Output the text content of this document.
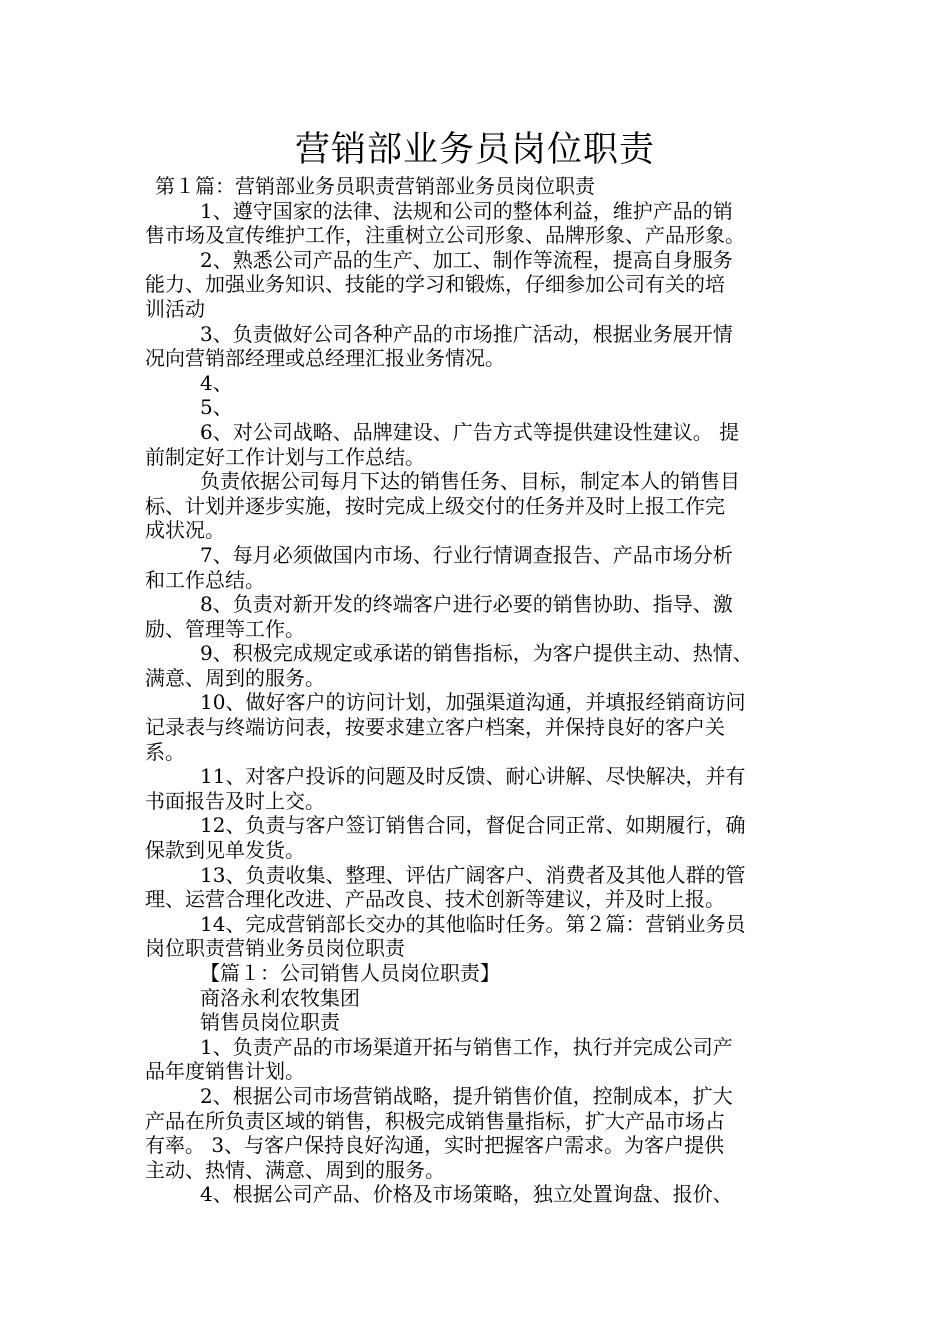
营销部业务员岗位职责
第１篇：营销部业务员职责营销部业务员岗位职责
1、遵守国家的法律、法规和公司的整体利益，维护产品的销
售市场及宣传维护工作，注重树立公司形象、品牌形象、产品形象。
2、熟悉公司产品的生产、加工、制作等流程，提高自身服务
能力、加强业务知识、技能的学习和锻炼，仔细参加公司有关的培
训活动
3、负责做好公司各种产品的市场推广活动，根据业务展开情
况向营销部经理或总经理汇报业务情况。
4、
5、
6、对公司战略、品牌建设、广告方式等提供建设性建议。 提
前制定好工作计划与工作总结。
负责依据公司每月下达的销售任务、目标，制定本人的销售目
标、计划并逐步实施，按时完成上级交付的任务并及时上报工作完
成状况。
7、每月必须做国内市场、行业行情调查报告、产品市场分析
和工作总结。
8、负责对新开发的终端客户进行必要的销售协助、指导、激
励、管理等工作。
9、积极完成规定或承诺的销售指标，为客户提供主动、热情、
满意、周到的服务。
10、做好客户的访问计划，加强渠道沟通，并填报经销商访问
记录表与终端访问表，按要求建立客户档案，并保持良好的客户关
系。
11、对客户投诉的问题及时反馈、耐心讲解、尽快解决，并有
书面报告及时上交。
12、负责与客户签订销售合同，督促合同正常、如期履行，确
保款到见单发货。
13、负责收集、整理、评估广阔客户、消费者及其他人群的管
理、运营合理化改进、产品改良、技术创新等建议，并及时上报。
14、完成营销部长交办的其他临时任务。第２篇：营销业务员
岗位职责营销业务员岗位职责
【篇１：公司销售人员岗位职责】
商洛永利农牧集团
销售员岗位职责
1、负责产品的市场渠道开拓与销售工作，执行并完成公司产
品年度销售计划。
2、根据公司市场营销战略，提升销售价值，控制成本，扩大
产品在所负责区域的销售，积极完成销售量指标，扩大产品市场占
有率。 3、与客户保持良好沟通，实时把握客户需求。为客户提供
主动、热情、满意、周到的服务。
4、根据公司产品、价格及市场策略，独立处置询盘、报价、
